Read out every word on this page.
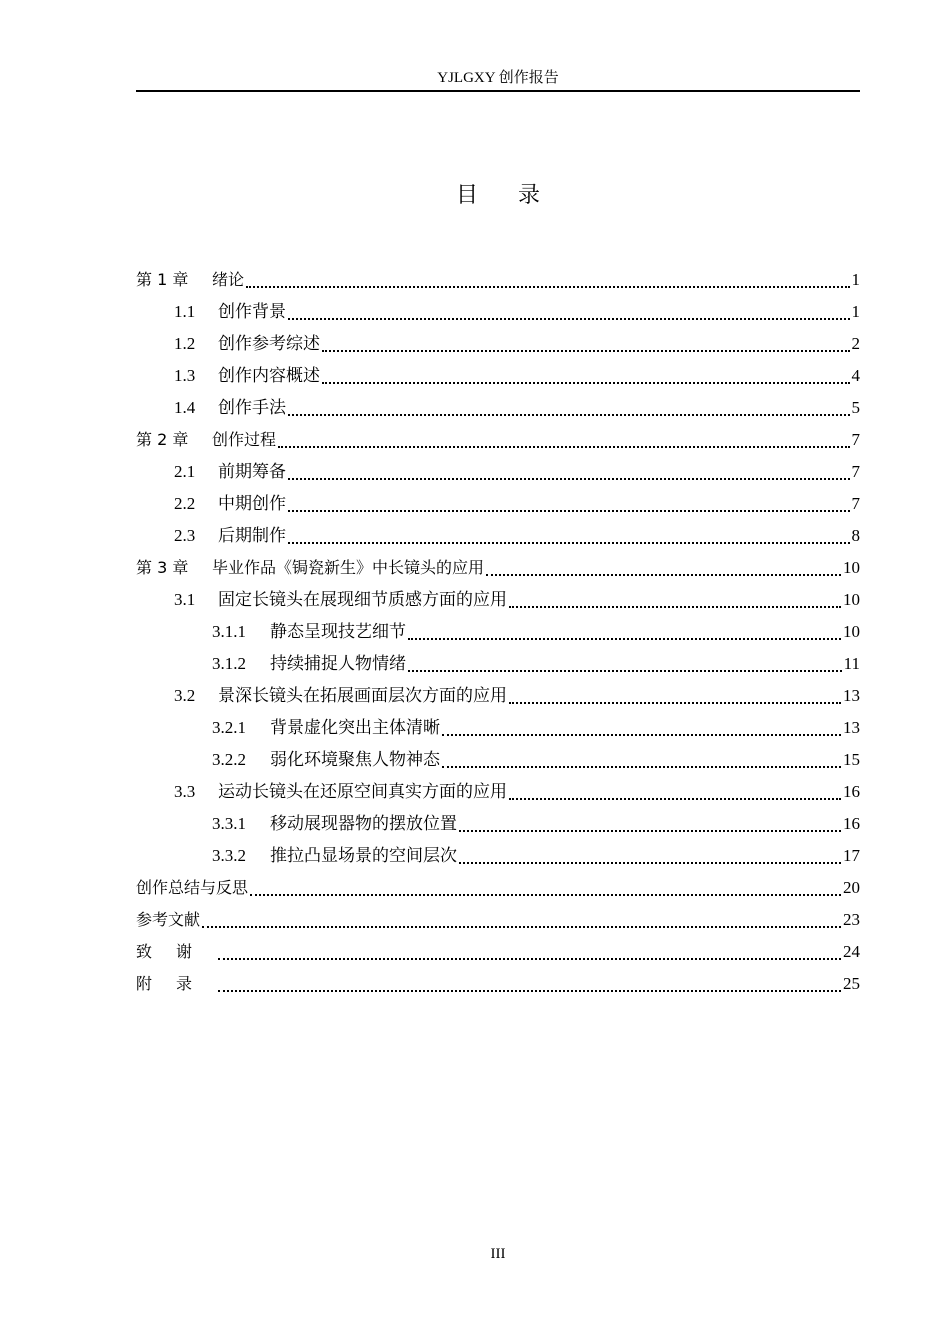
YJLGXY 创作报告
目录
第 1 章	绪论	1
1.1	创作背景	1
1.2	创作参考综述	2
1.3	创作内容概述	4
1.4	创作手法	5
第 2 章	创作过程	7
2.1	前期筹备	7
2.2	中期创作	7
2.3	后期制作	8
第 3 章	毕业作品《锔瓷新生》中长镜头的应用	10
3.1	固定长镜头在展现细节质感方面的应用	10
3.1.1	静态呈现技艺细节	10
3.1.2	持续捕捉人物情绪	11
3.2	景深长镜头在拓展画面层次方面的应用	13
3.2.1	背景虚化突出主体清晰	13
3.2.2	弱化环境聚焦人物神态	15
3.3	运动长镜头在还原空间真实方面的应用	16
3.3.1	移动展现器物的摆放位置	16
3.3.2	推拉凸显场景的空间层次	17
创作总结与反思	20
参考文献	23
致谢	24
附录	25
III
